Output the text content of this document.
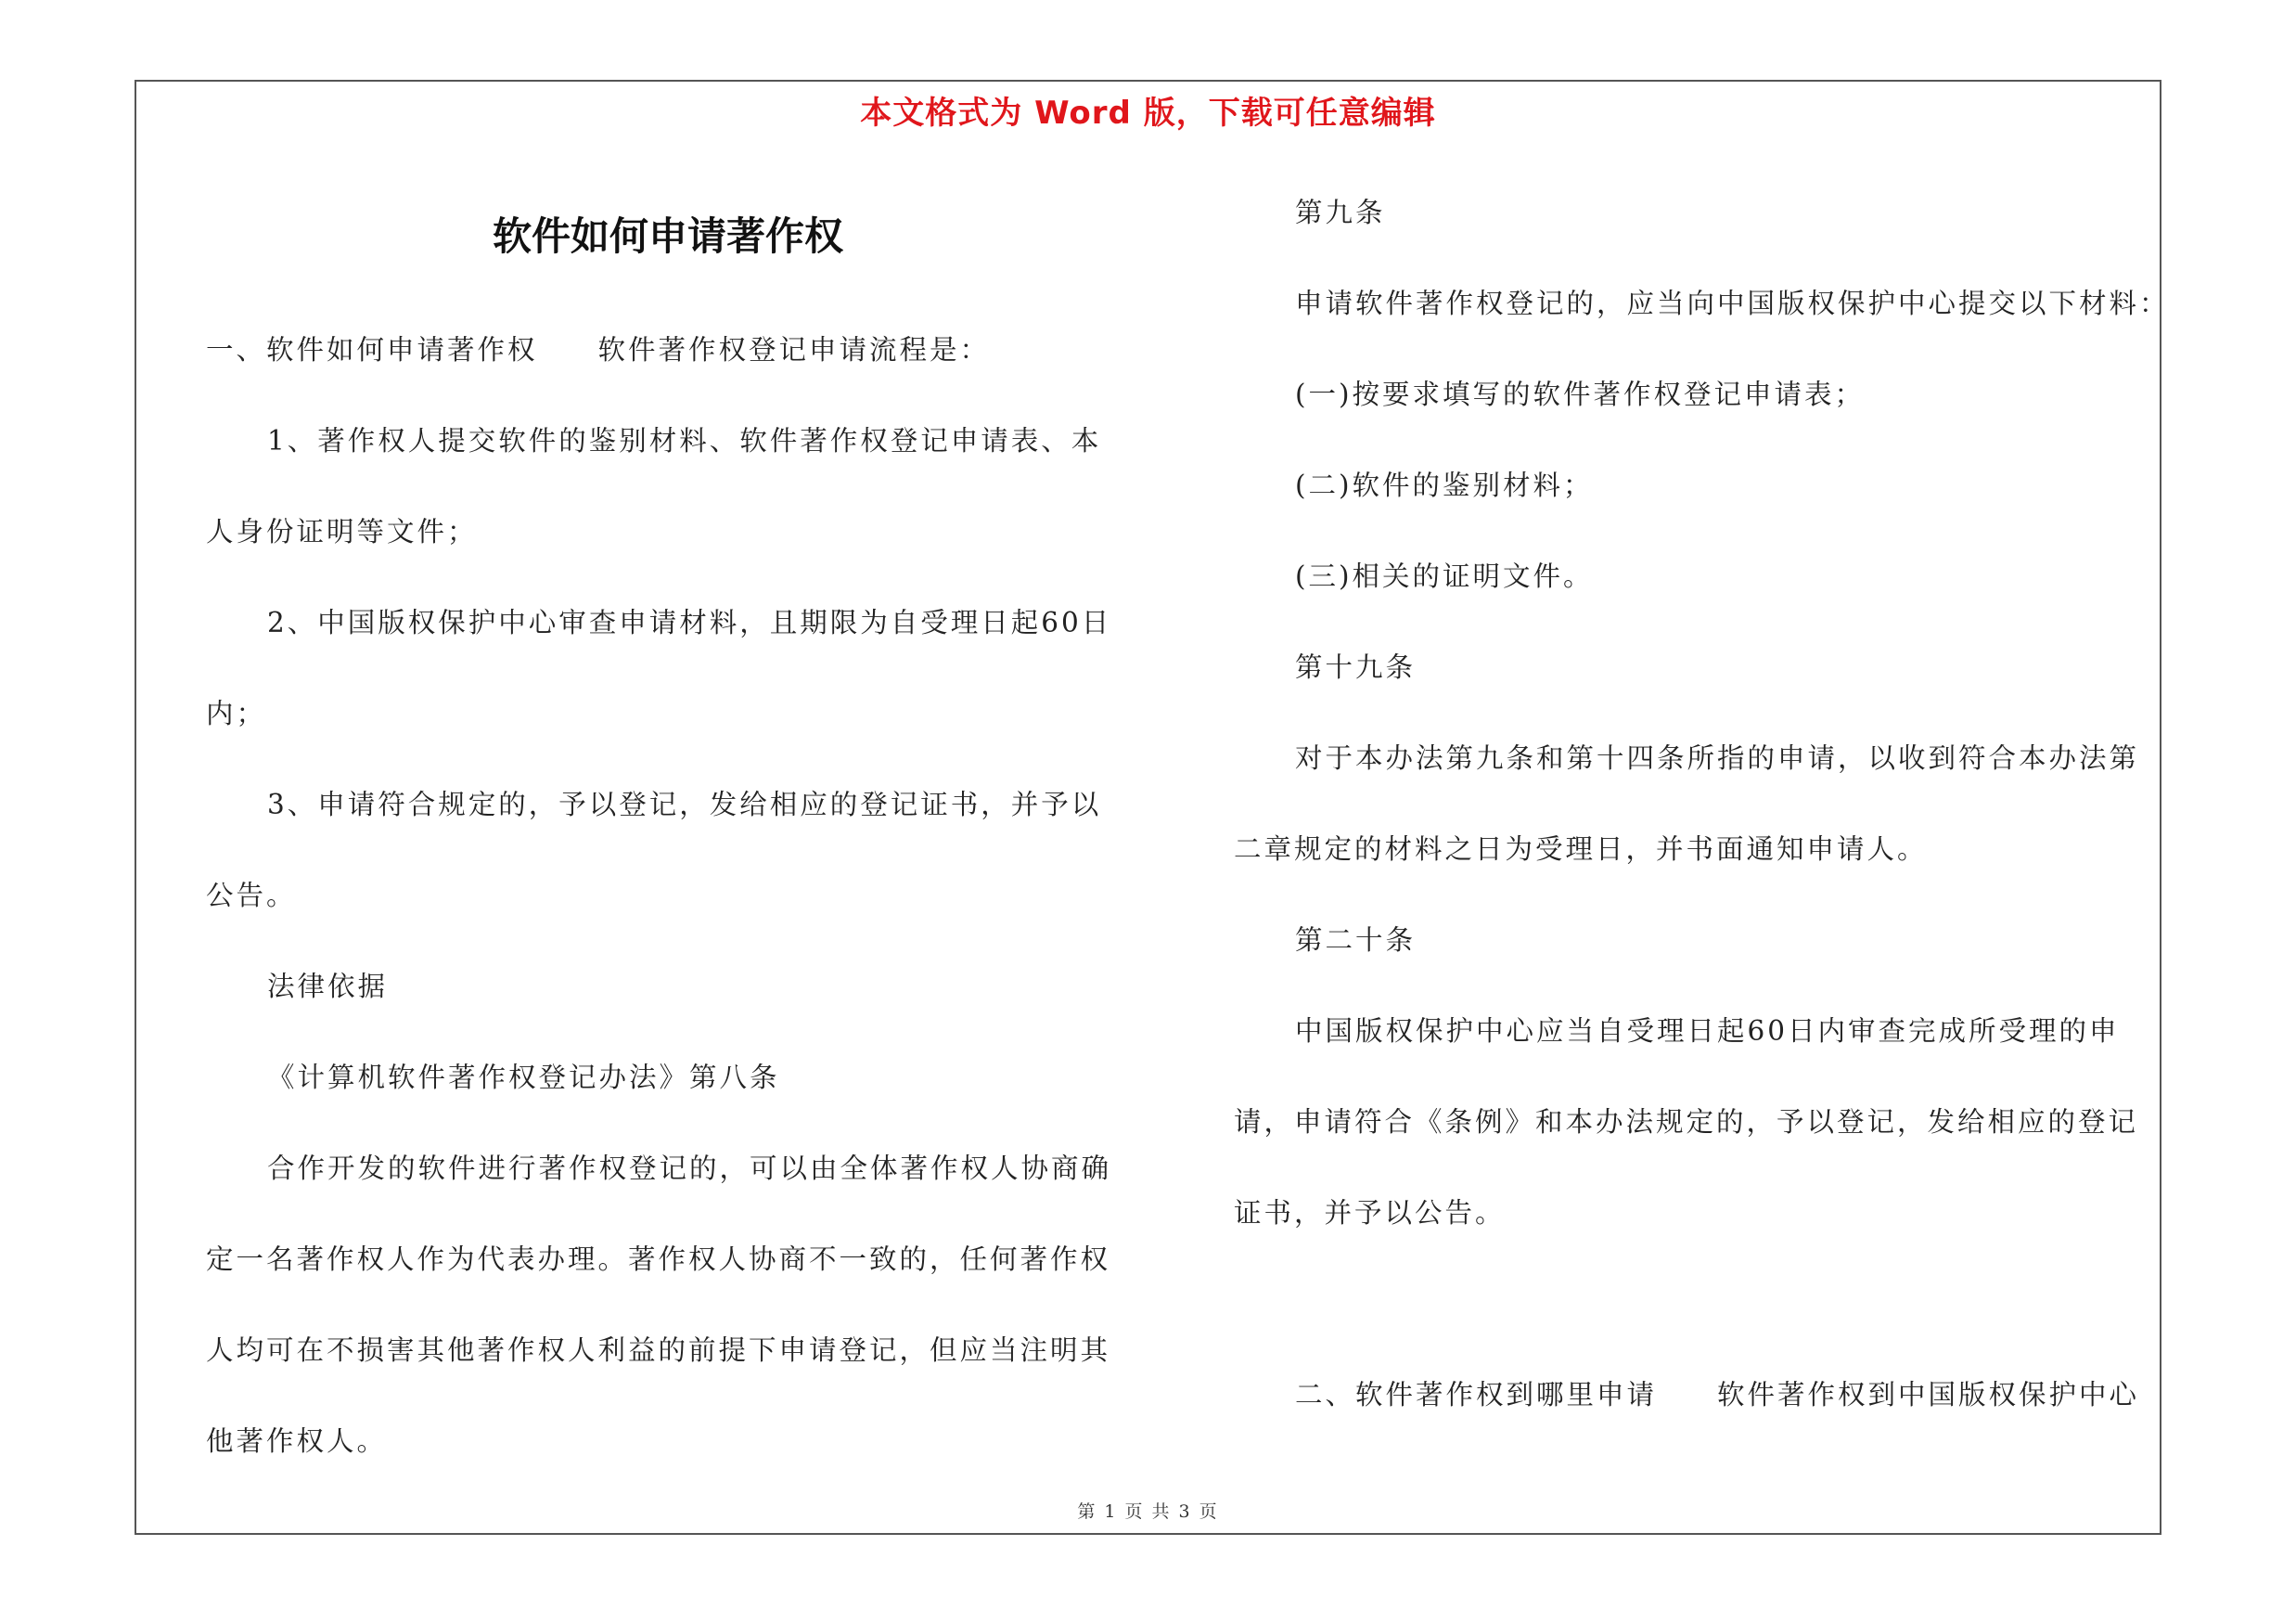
本文格式为 Word 版，下载可任意编辑
软件如何申请著作权

一、软件如何申请著作权　　软件著作权登记申请流程是：

1、著作权人提交软件的鉴别材料、软件著作权登记申请表、本人身份证明等文件；

2、中国版权保护中心审查申请材料，且期限为自受理日起60日内；

3、申请符合规定的，予以登记，发给相应的登记证书，并予以公告。

法律依据

《计算机软件著作权登记办法》第八条

合作开发的软件进行著作权登记的，可以由全体著作权人协商确定一名著作权人作为代表办理。著作权人协商不一致的，任何著作权人均可在不损害其他著作权人利益的前提下申请登记，但应当注明其他著作权人。

第九条

申请软件著作权登记的，应当向中国版权保护中心提交以下材料：

(一)按要求填写的软件著作权登记申请表；

(二)软件的鉴别材料；

(三)相关的证明文件。

第十九条

对于本办法第九条和第十四条所指的申请，以收到符合本办法第二章规定的材料之日为受理日，并书面通知申请人。

第二十条

中国版权保护中心应当自受理日起60日内审查完成所受理的申请，申请符合《条例》和本办法规定的，予以登记，发给相应的登记证书，并予以公告。

二、软件著作权到哪里申请　　软件著作权到中国版权保护中心

第 1 页 共 3 页
